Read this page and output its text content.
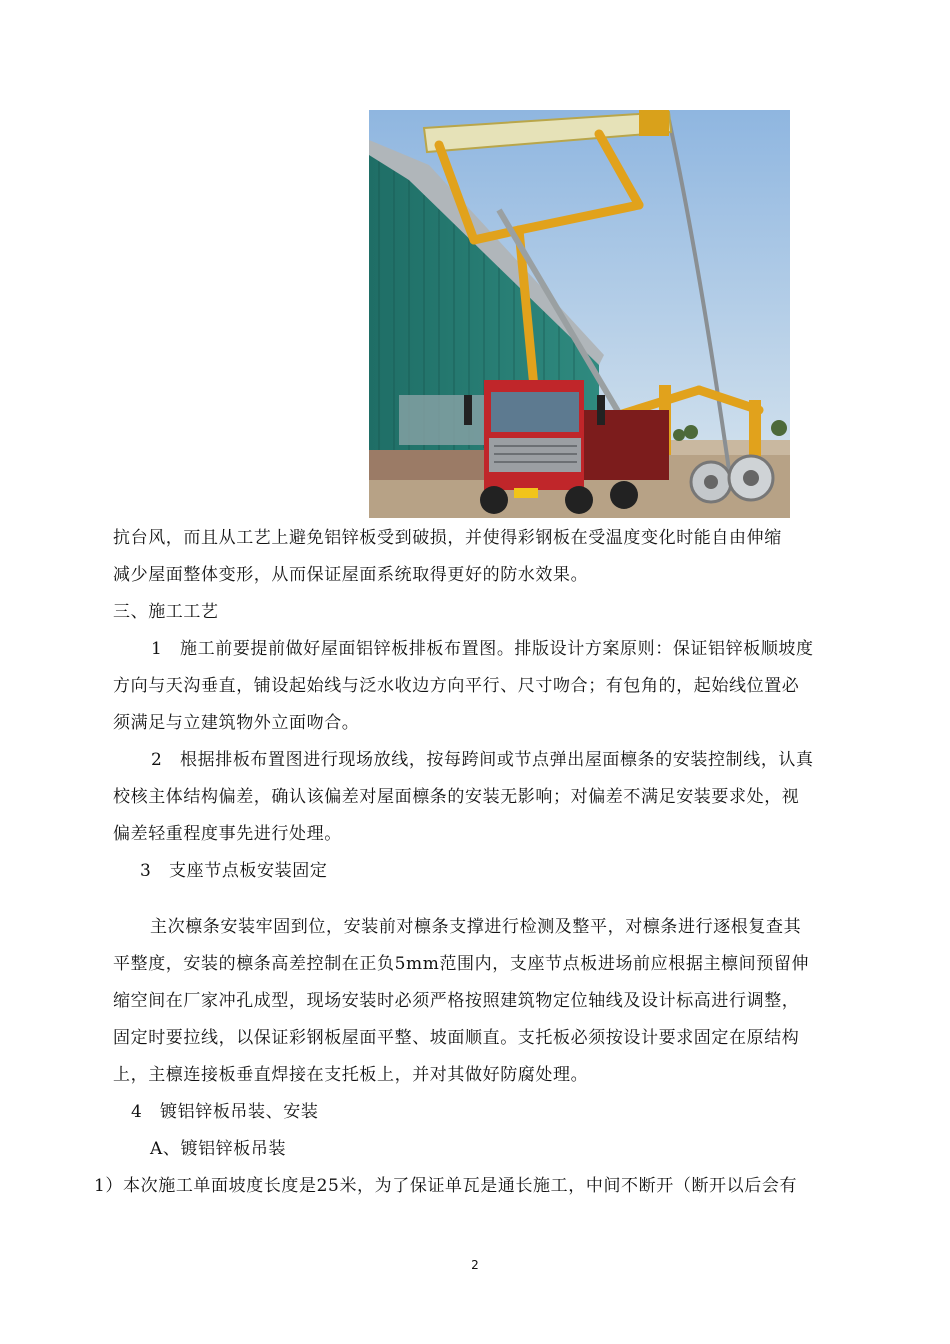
抗台风，而且从工艺上避免铝锌板受到破损，并使得彩钢板在受温度变化时能自由伸缩
减少屋面整体变形，从而保证屋面系统取得更好的防水效果。
三、施工工艺
1　施工前要提前做好屋面铝锌板排板布置图。排版设计方案原则：保证铝锌板顺坡度
方向与天沟垂直，铺设起始线与泛水收边方向平行、尺寸吻合；有包角的，起始线位置必
须满足与立建筑物外立面吻合。
2　根据排板布置图进行现场放线，按每跨间或节点弹出屋面檩条的安装控制线，认真
校核主体结构偏差，确认该偏差对屋面檩条的安装无影响；对偏差不满足安装要求处，视
偏差轻重程度事先进行处理。
3　支座节点板安装固定
主次檩条安装牢固到位，安装前对檩条支撑进行检测及整平，对檩条进行逐根复查其
平整度，安装的檩条高差控制在正负5mm范围内，支座节点板进场前应根据主檩间预留伸
缩空间在厂家冲孔成型，现场安装时必须严格按照建筑物定位轴线及设计标高进行调整，
固定时要拉线，以保证彩钢板屋面平整、坡面顺直。支托板必须按设计要求固定在原结构
上，主檩连接板垂直焊接在支托板上，并对其做好防腐处理。
4　镀铝锌板吊装、安装
A、镀铝锌板吊装
1）本次施工单面坡度长度是25米，为了保证单瓦是通长施工，中间不断开（断开以后会有
2
